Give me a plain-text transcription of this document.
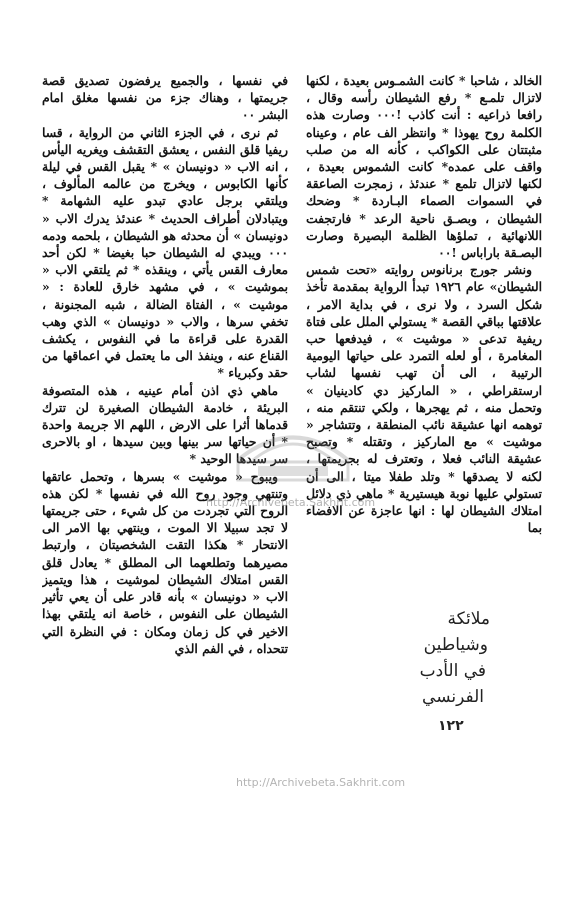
الخالد ، شاحبا * كانت الشمـوس بعيدة ، لكنها لاتزال تلمـع * رفع الشيطان رأسه وقال ، رافعا ذراعيه : أنت كاذب !٠٠٠ وصارت هذه الكلمة روح يهوذا * وانتظر الف عام ، وعيناه مثبتتان على الكواكب ، كأنه اله من صلب واقف على عمده* كانت الشموس بعيدة ، لكنها لاتزال تلمع * عندئذ ، زمجرت الصاعقة في السموات الصماء البـاردة * وضحك الشيطان ، وبصـق ناحية الرعد * فارتجفت اللانهائية ، تملؤها الظلمة البصيرة وصارت البصـقة باراباس !٠٠

ونشر جورج برنانوس روايته «تحت شمس الشيطان» عام ١٩٢٦ تبدأ الرواية بمقدمة تأخذ شكل السرد ، ولا نرى ، في بداية الامر ، علاقتها بباقي القصة * يستولي الملل على فتاة ريفية تدعى « موشيت » ، فيدفعها حب المغامرة ، أو لعله التمرد على حياتها اليومية الرتيبة ، الى أن تهب نفسها لشاب ارستقراطي ، « الماركيز دي كادينيان » وتحمل منه ، ثم يهجرها ، ولكي تنتقم منه ، توهمه انها عشيقة نائب المنطقة ، وتتشاجر « موشيت » مع الماركيز ، وتقتله * وتصبح عشيقة النائب فعلا ، وتعترف له بجريمتها ، لكنه لا يصدقها * وتلد طفلا ميتا ، الى أن تستولي عليها نوبة هيستيرية * ماهي ذي دلائل امتلاك الشيطان لها : انها عاجزة عن الافضاء بما

في نفسها ، والجميع يرفضون تصديق قصة جريمتها ، وهناك جزء من نفسها مغلق امام البشر ٠٠

ثم نرى ، في الجزء الثاني من الرواية ، قسا ريفيا قلق النفس ، يعشق التقشف ويغريه اليأس ، انه الاب « دونيسان » * يقبل القس في ليلة كأنها الكابوس ، ويخرج من عالمه المألوف ، ويلتقي برجل عادي تبدو عليه الشهامة * ويتبادلان أطراف الحديث * عندئذ يدرك الاب « دونيسان » أن محدثه هو الشيطان ، بلحمه ودمه ٠٠٠ ويبدي له الشيطان حبا بغيضا * لكن أحد معارف القس يأتي ، وينقذه * ثم يلتقي الاب « بموشيت » ، في مشهد خارق للعادة : « موشيت » ، الفتاة الضالة ، شبه المجنونة ، تخفي سرها ، والاب « دونيسان » الذي وهب القدرة على قراءة ما في النفوس ، يكشف القناع عنه ، وينفذ الى ما يعتمل في اعماقها من حقد وكبرياء *

ماهي ذي اذن أمام عينيه ، هذه المتصوفة البريئة ، خادمة الشيطان الصغيرة لن تترك قدماها أثرا على الارض ، اللهم الا جريمة واحدة * أن حياتها سر بينها وبين سيدها ، او بالاحرى سر سيدها الوحيد *

ويبوح « موشيت » بسرها ، وتحمل عاتقها وتنتهي وجود روح الله في نفسها * لكن هذه الروح التي تجردت من كل شيء ، حتى جريمتها لا تجد سبيلا الا الموت ، وينتهي بها الامر الى الانتحار * هكذا التقت الشخصيتان ، وارتبط مصيرهما وتطلعهما الى المطلق * يعادل قلق القس امتلاك الشيطان لموشيت ، هذا ويتميز الاب « دونيسان » بأنه قادر على أن يعي تأثير الشيطان على النفوس ، خاصة انه يلتقي بهذا الاخير في كل زمان ومكان : في النظرة التي تتحداه ، في الفم الذي

ملائكة
وشياطين
في الأدب
الفرنسي
١٢٢
http://Archivebeta.Sakhrit.com
http://Archivebeta.Sakhrit.com
